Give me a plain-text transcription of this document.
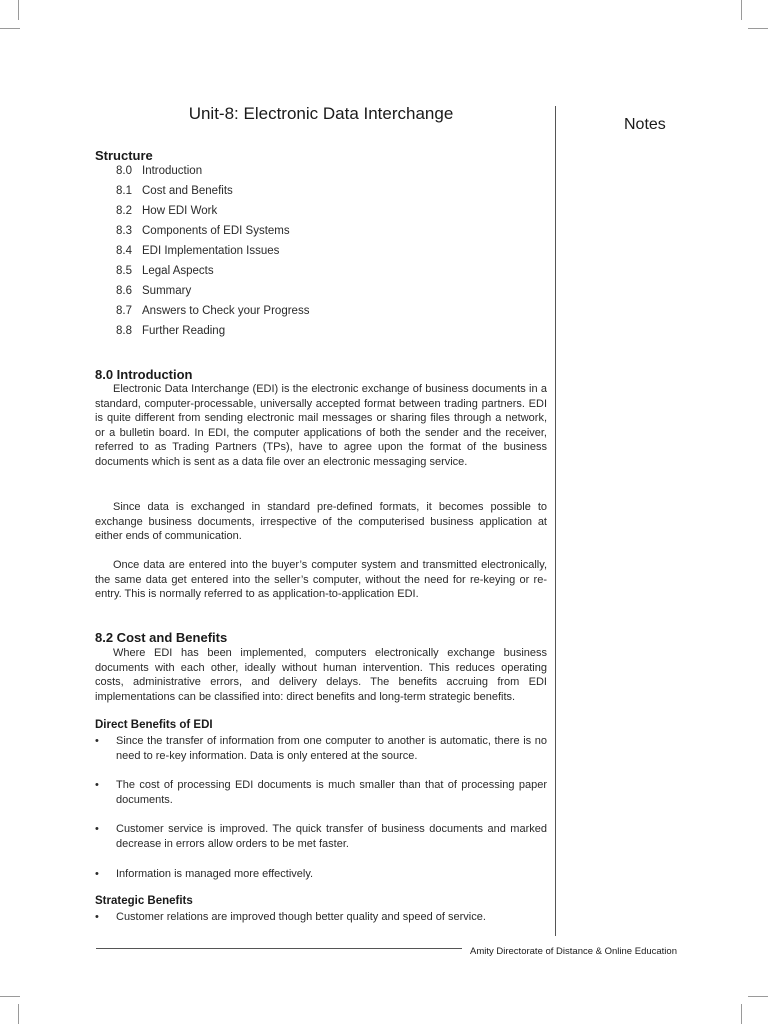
Unit-8: Electronic Data Interchange
Notes
Structure
8.0 Introduction
8.1 Cost and Benefits
8.2 How EDI Work
8.3 Components of EDI Systems
8.4 EDI Implementation Issues
8.5 Legal Aspects
8.6 Summary
8.7 Answers to Check your Progress
8.8 Further Reading
8.0 Introduction

Electronic Data Interchange (EDI) is the electronic exchange of business documents in a standard, computer-processable, universally accepted format between trading partners. EDI is quite different from sending electronic mail messages or sharing files through a network, or a bulletin board. In EDI, the computer applications of both the sender and the receiver, referred to as Trading Partners (TPs), have to agree upon the format of the business documents which is sent as a data file over an electronic messaging service.

Since data is exchanged in standard pre-defined formats, it becomes possible to exchange business documents, irrespective of the computerised business application at either ends of communication.

Once data are entered into the buyer’s computer system and transmitted electronically, the same data get entered into the seller’s computer, without the need for re-keying or re-entry. This is normally referred to as application-to-application EDI.

8.2 Cost and Benefits

Where EDI has been implemented, computers electronically exchange business documents with each other, ideally without human intervention. This reduces operating costs, administrative errors, and delivery delays. The benefits accruing from EDI implementations can be classified into: direct benefits and long-term strategic benefits.

Direct Benefits of EDI
• Since the transfer of information from one computer to another is automatic, there is no need to re-key information. Data is only entered at the source.
• The cost of processing EDI documents is much smaller than that of processing paper documents.
• Customer service is improved. The quick transfer of business documents and marked decrease in errors allow orders to be met faster.
• Information is managed more effectively.
Strategic Benefits
• Customer relations are improved though better quality and speed of service.
Amity Directorate of Distance & Online Education
